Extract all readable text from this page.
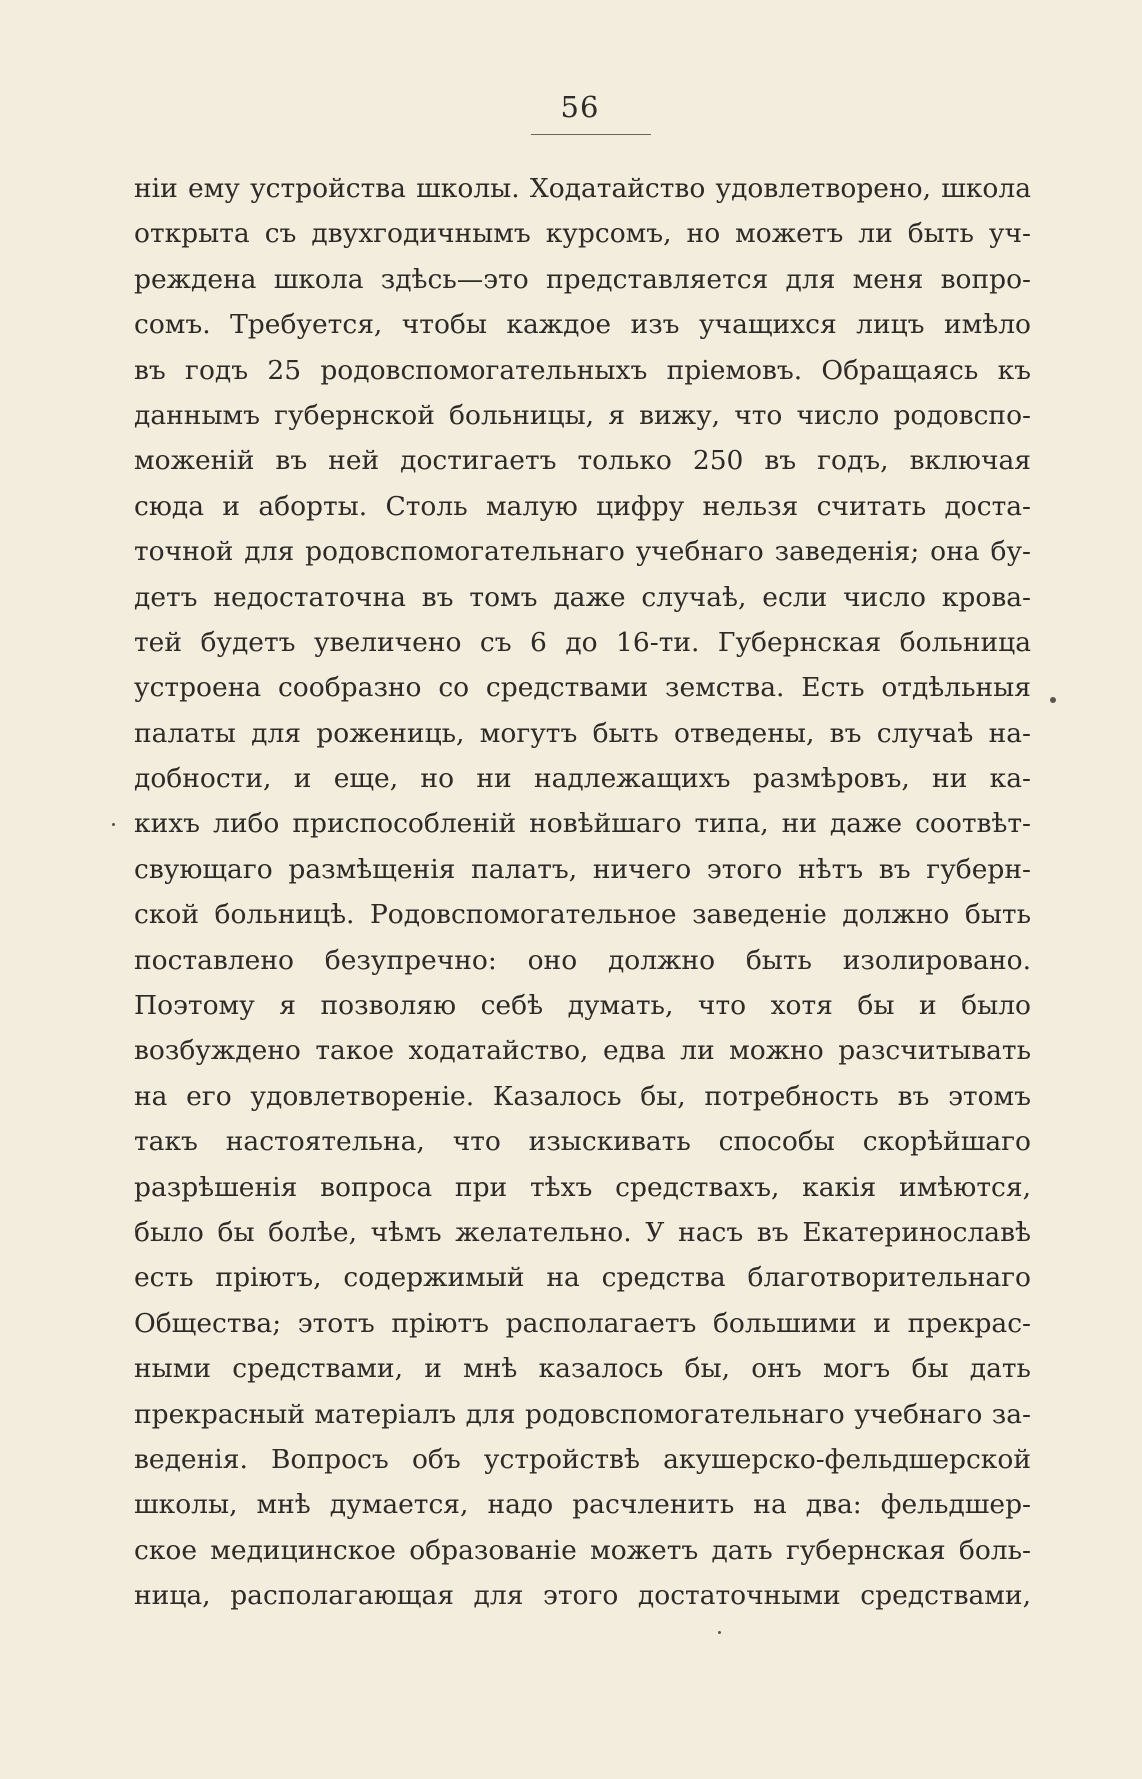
56
ніи ему устройства школы. Ходатайство удовлетворено, школа
открыта съ двухгодичнымъ курсомъ, но можетъ ли быть уч-
реждена школа здѣсь—это представляется для меня вопро-
сомъ. Требуется, чтобы каждое изъ учащихся лицъ имѣло
въ годъ 25 родовспомогательныхъ пріемовъ. Обращаясь къ
даннымъ губернской больницы, я вижу, что число родовспо-
моженій въ ней достигаетъ только 250 въ годъ, включая
сюда и аборты. Столь малую цифру нельзя считать доста-
точной для родовспомогательнаго учебнаго заведенія; она бу-
детъ недостаточна въ томъ даже случаѣ, если число крова-
тей будетъ увеличено съ 6 до 16-ти. Губернская больница
устроена сообразно со средствами земства. Есть отдѣльныя
палаты для рожениць, могутъ быть отведены, въ случаѣ на-
добности, и еще, но ни надлежащихъ размѣровъ, ни ка-
кихъ либо приспособленій новѣйшаго типа, ни даже соотвѣт-
свующаго размѣщенія палатъ, ничего этого нѣтъ въ губерн-
ской больницѣ. Родовспомогательное заведеніе должно быть
поставлено безупречно: оно должно быть изолировано.
Поэтому я позволяю себѣ думать, что хотя бы и было
возбуждено такое ходатайство, едва ли можно разсчитывать
на его удовлетвореніе. Казалось бы, потребность въ этомъ
такъ настоятельна, что изыскивать способы скорѣйшаго
разрѣшенія вопроса при тѣхъ средствахъ, какія имѣются,
было бы болѣе, чѣмъ желательно. У насъ въ Екатеринославѣ
есть пріютъ, содержимый на средства благотворительнаго
Общества; этотъ пріютъ располагаетъ большими и прекрас-
ными средствами, и мнѣ казалось бы, онъ могъ бы дать
прекрасный матеріалъ для родовспомогательнаго учебнаго за-
веденія. Вопросъ объ устройствѣ акушерско-фельдшерской
школы, мнѣ думается, надо расчленить на два: фельдшер-
ское медицинское образованіе можетъ дать губернская боль-
ница, располагающая для этого достаточными средствами,
